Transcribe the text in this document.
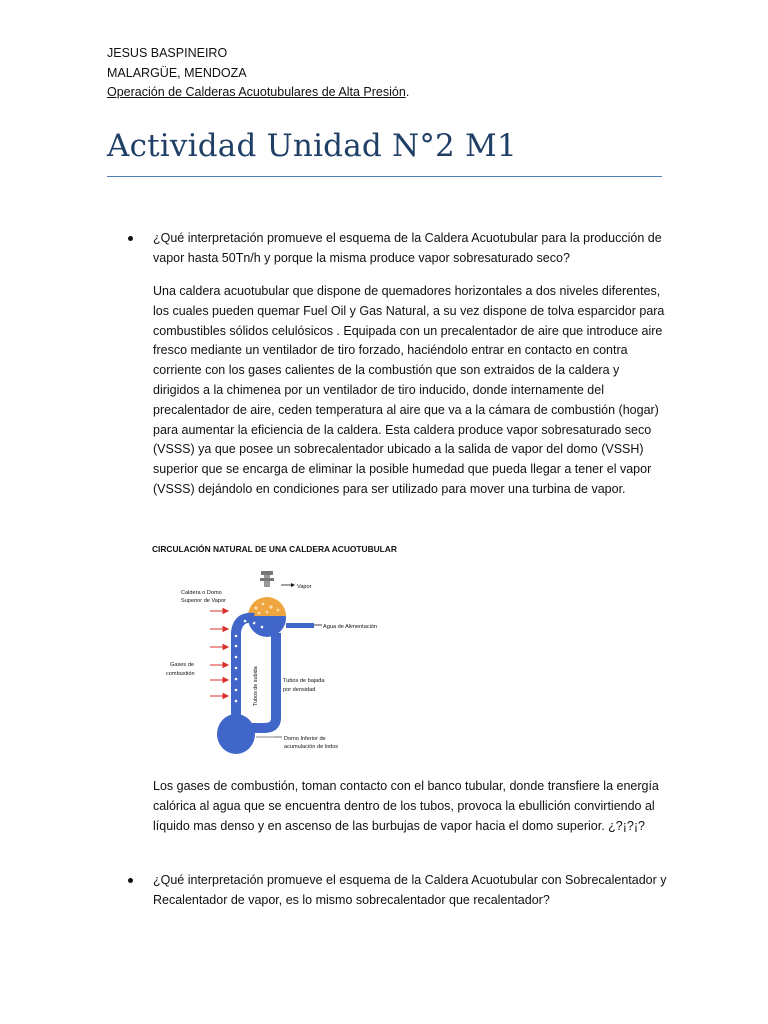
JESUS BASPINEIRO
MALARGÜE, MENDOZA
Operación de Calderas Acuotubulares de Alta Presión.
Actividad Unidad N°2 M1
¿Qué interpretación promueve el esquema de la Caldera Acuotubular para la producción de vapor hasta 50Tn/h y porque la misma produce vapor sobresaturado seco?
Una caldera acuotubular que dispone de quemadores horizontales a dos niveles diferentes, los cuales pueden quemar Fuel Oil y Gas Natural, a su vez dispone de tolva esparcidor para combustibles sólidos celulósicos . Equipada con un precalentador de aire que introduce aire fresco mediante un ventilador de tiro forzado, haciéndolo entrar en contacto en contra corriente con los gases calientes de la combustión que son extraidos de la caldera y dirigidos a la chimenea por un ventilador de tiro inducido, donde internamente del precalentador de aire, ceden temperatura al aire que va a la cámara de combustión (hogar) para aumentar la eficiencia de la caldera. Esta caldera produce vapor sobresaturado seco (VSSS) ya que posee un sobrecalentador ubicado a la salida de vapor del domo (VSSH) superior que se encarga de eliminar la posible humedad que pueda llegar a tener el vapor (VSSS) dejándolo en condiciones para ser utilizado para mover una turbina de vapor.
CIRCULACIÓN NATURAL DE UNA CALDERA ACUOTUBULAR
Vapor
Agua de Alimentación
Caldera o Domo
Superior de Vapor
Tubos de subida	Tubos de bajada
por densidad
Domo Inferior de
acumulación de lodos
Gases de
combustión
Los gases de combustión, toman contacto con el banco tubular, donde transfiere la energía calórica al agua que se encuentra dentro de los tubos, provoca la ebullición convirtiendo al líquido mas denso y en ascenso de las burbujas de vapor hacia el domo superior. ¿?¡?¡?
¿Qué interpretación promueve el esquema de la Caldera Acuotubular con Sobrecalentador y Recalentador de vapor, es lo mismo sobrecalentador que recalentador?
